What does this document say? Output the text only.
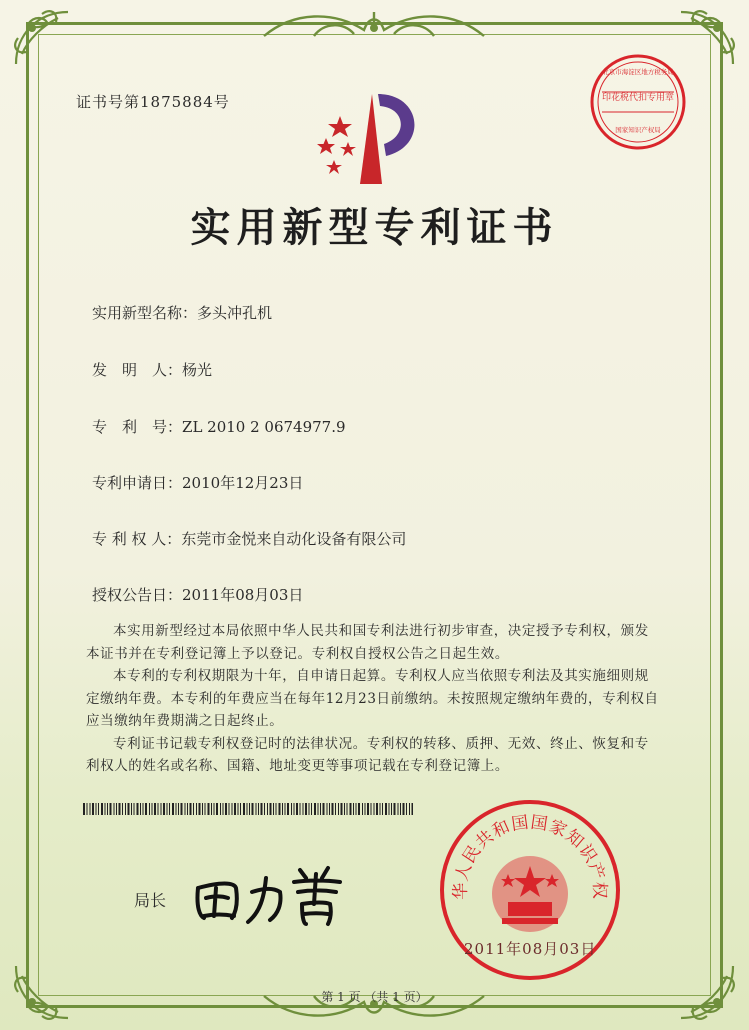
印花税代扣专用章
北京市海淀区地方税务局
国家知识产权局
证书号第1875884号
实用新型专利证书
实用新型名称：多头冲孔机
发　明　人：杨光
专　利　号：ZL 2010 2 0674977.9
专利申请日：2010年12月23日
专 利 权 人：东莞市金悦来自动化设备有限公司
授权公告日：2011年08月03日

本实用新型经过本局依照中华人民共和国专利法进行初步审查，决定授予专利权，颁发本证书并在专利登记簿上予以登记。专利权自授权公告之日起生效。

本专利的专利权期限为十年，自申请日起算。专利权人应当依照专利法及其实施细则规定缴纳年费。本专利的年费应当在每年12月23日前缴纳。未按照规定缴纳年费的，专利权自应当缴纳年费期满之日起终止。

专利证书记载专利权登记时的法律状况。专利权的转移、质押、无效、终止、恢复和专利权人的姓名或名称、国籍、地址变更等事项记载在专利登记簿上。

局长
华人民共和国国家知识产权
2011年08月03日
第 1 页 （共 1 页）
